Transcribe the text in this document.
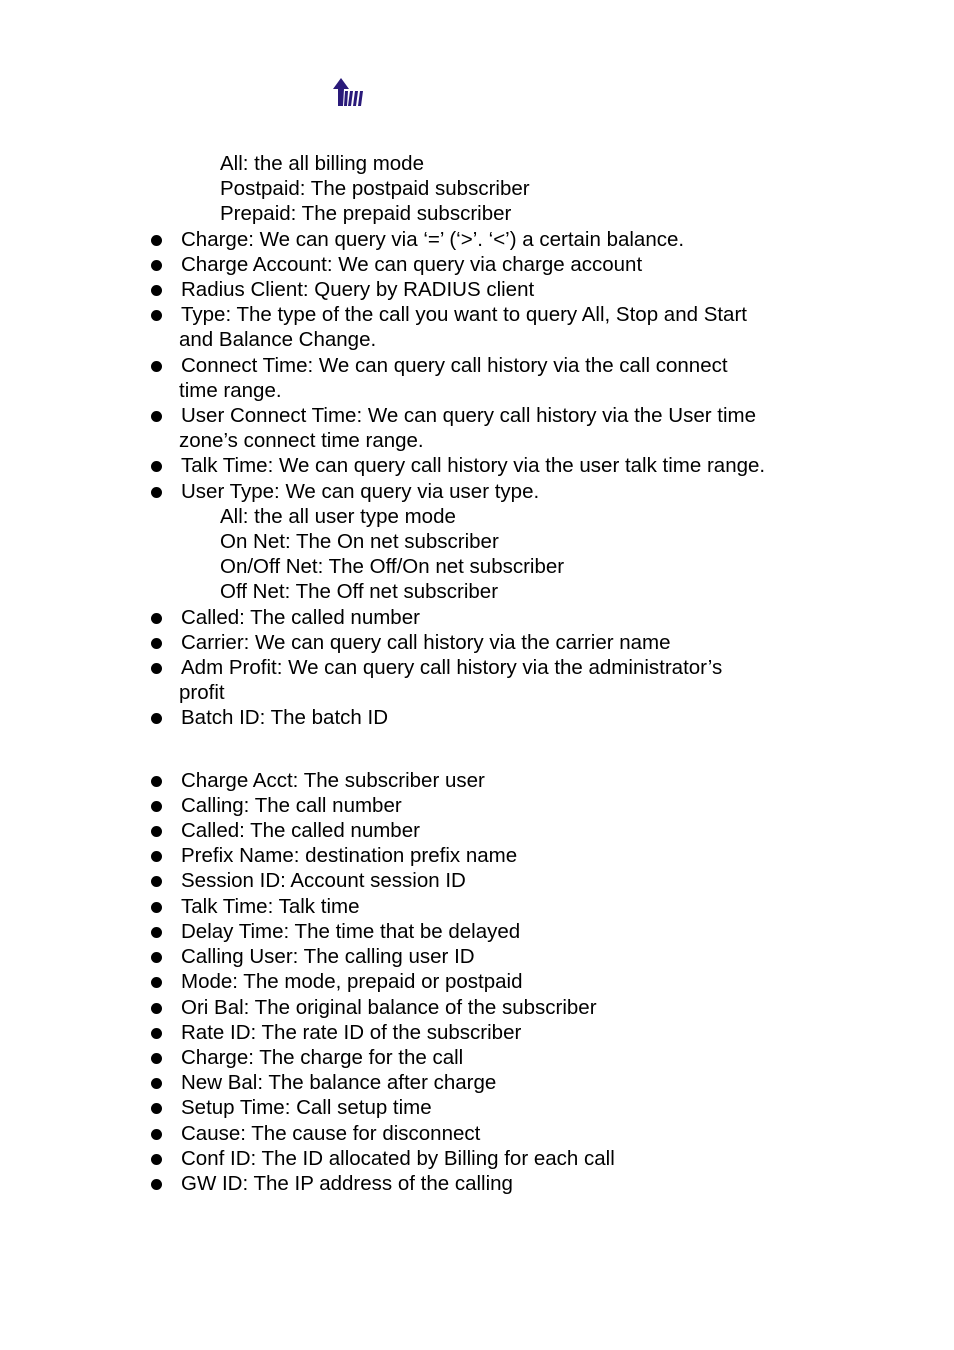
All: the all billing mode
Postpaid: The postpaid subscriber
Prepaid: The prepaid subscriber
Charge: We can query via ‘=’ (‘>’. ‘<’) a certain balance.
Charge Account: We can query via charge account
Radius Client: Query by RADIUS client
Type: The type of the call you want to query All, Stop and Start
and Balance Change.
Connect Time: We can query call history via the call connect
time range.
User Connect Time: We can query call history via the User time
zone’s connect time range.
Talk Time: We can query call history via the user talk time range.
User Type: We can query via user type.
All: the all user type mode
On Net: The On net subscriber
On/Off Net: The Off/On net subscriber
Off Net: The Off net subscriber
Called: The called number
Carrier: We can query call history via the carrier name
Adm Profit: We can query call history via the administrator’s
profit
Batch ID: The batch ID
Charge Acct: The subscriber user
Calling: The call number
Called: The called number
Prefix Name: destination prefix name
Session ID: Account session ID
Talk Time: Talk time
Delay Time: The time that be delayed
Calling User: The calling user ID
Mode: The mode, prepaid or postpaid
Ori Bal: The original balance of the subscriber
Rate ID: The rate ID of the subscriber
Charge: The charge for the call
New Bal: The balance after charge
Setup Time: Call setup time
Cause: The cause for disconnect
Conf ID: The ID allocated by Billing for each call
GW ID: The IP address of the calling
